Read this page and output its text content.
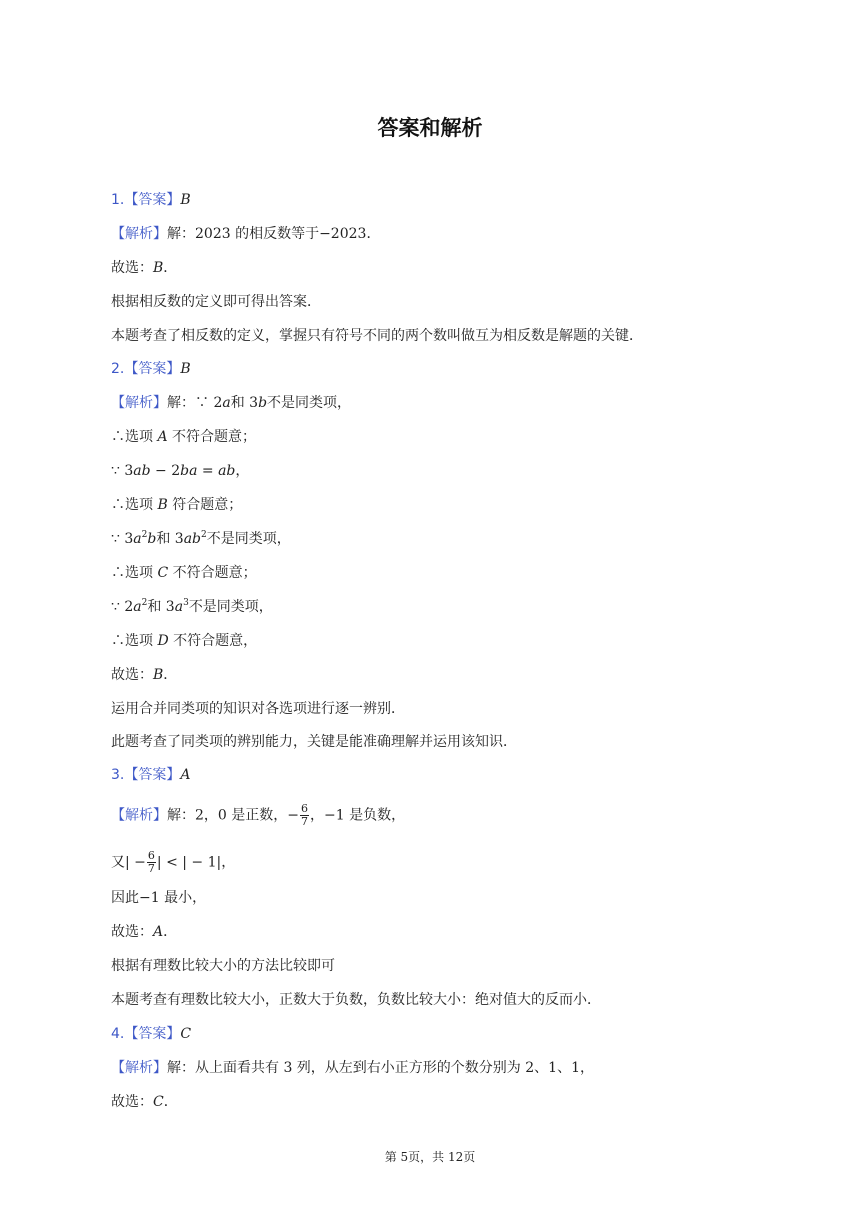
答案和解析
1.【答案】B
【解析】解：2023 的相反数等于−2023．
故选：B．
根据相反数的定义即可得出答案．
本题考查了相反数的定义，掌握只有符号不同的两个数叫做互为相反数是解题的关键．
2.【答案】B
【解析】解：∵ 2a和 3b不是同类项，
∴选项 A 不符合题意；
∵ 3ab − 2ba = ab，
∴选项 B 符合题意；
∵ $3a^2b$和 $3ab^2$不是同类项，
∴选项 C 不符合题意；
∵ $2a^2$和 $3a^3$不是同类项，
∴选项 D 不符合题意，
故选：B．
运用合并同类项的知识对各选项进行逐一辨别．
此题考查了同类项的辨别能力，关键是能准确理解并运用该知识．
3.【答案】A
【解析】解：2，0 是正数，− $\frac{6}{7}$ ，−1 是负数，
又| − $\frac{6}{7}$ | < | − 1|，
因此−1 最小，
故选：A．
根据有理数比较大小的方法比较即可
本题考查有理数比较大小，正数大于负数，负数比较大小：绝对值大的反而小．
4.【答案】C
【解析】解：从上面看共有 3 列，从左到右小正方形的个数分别为 2、1、1，
故选：C．
第 5页，共 12页
